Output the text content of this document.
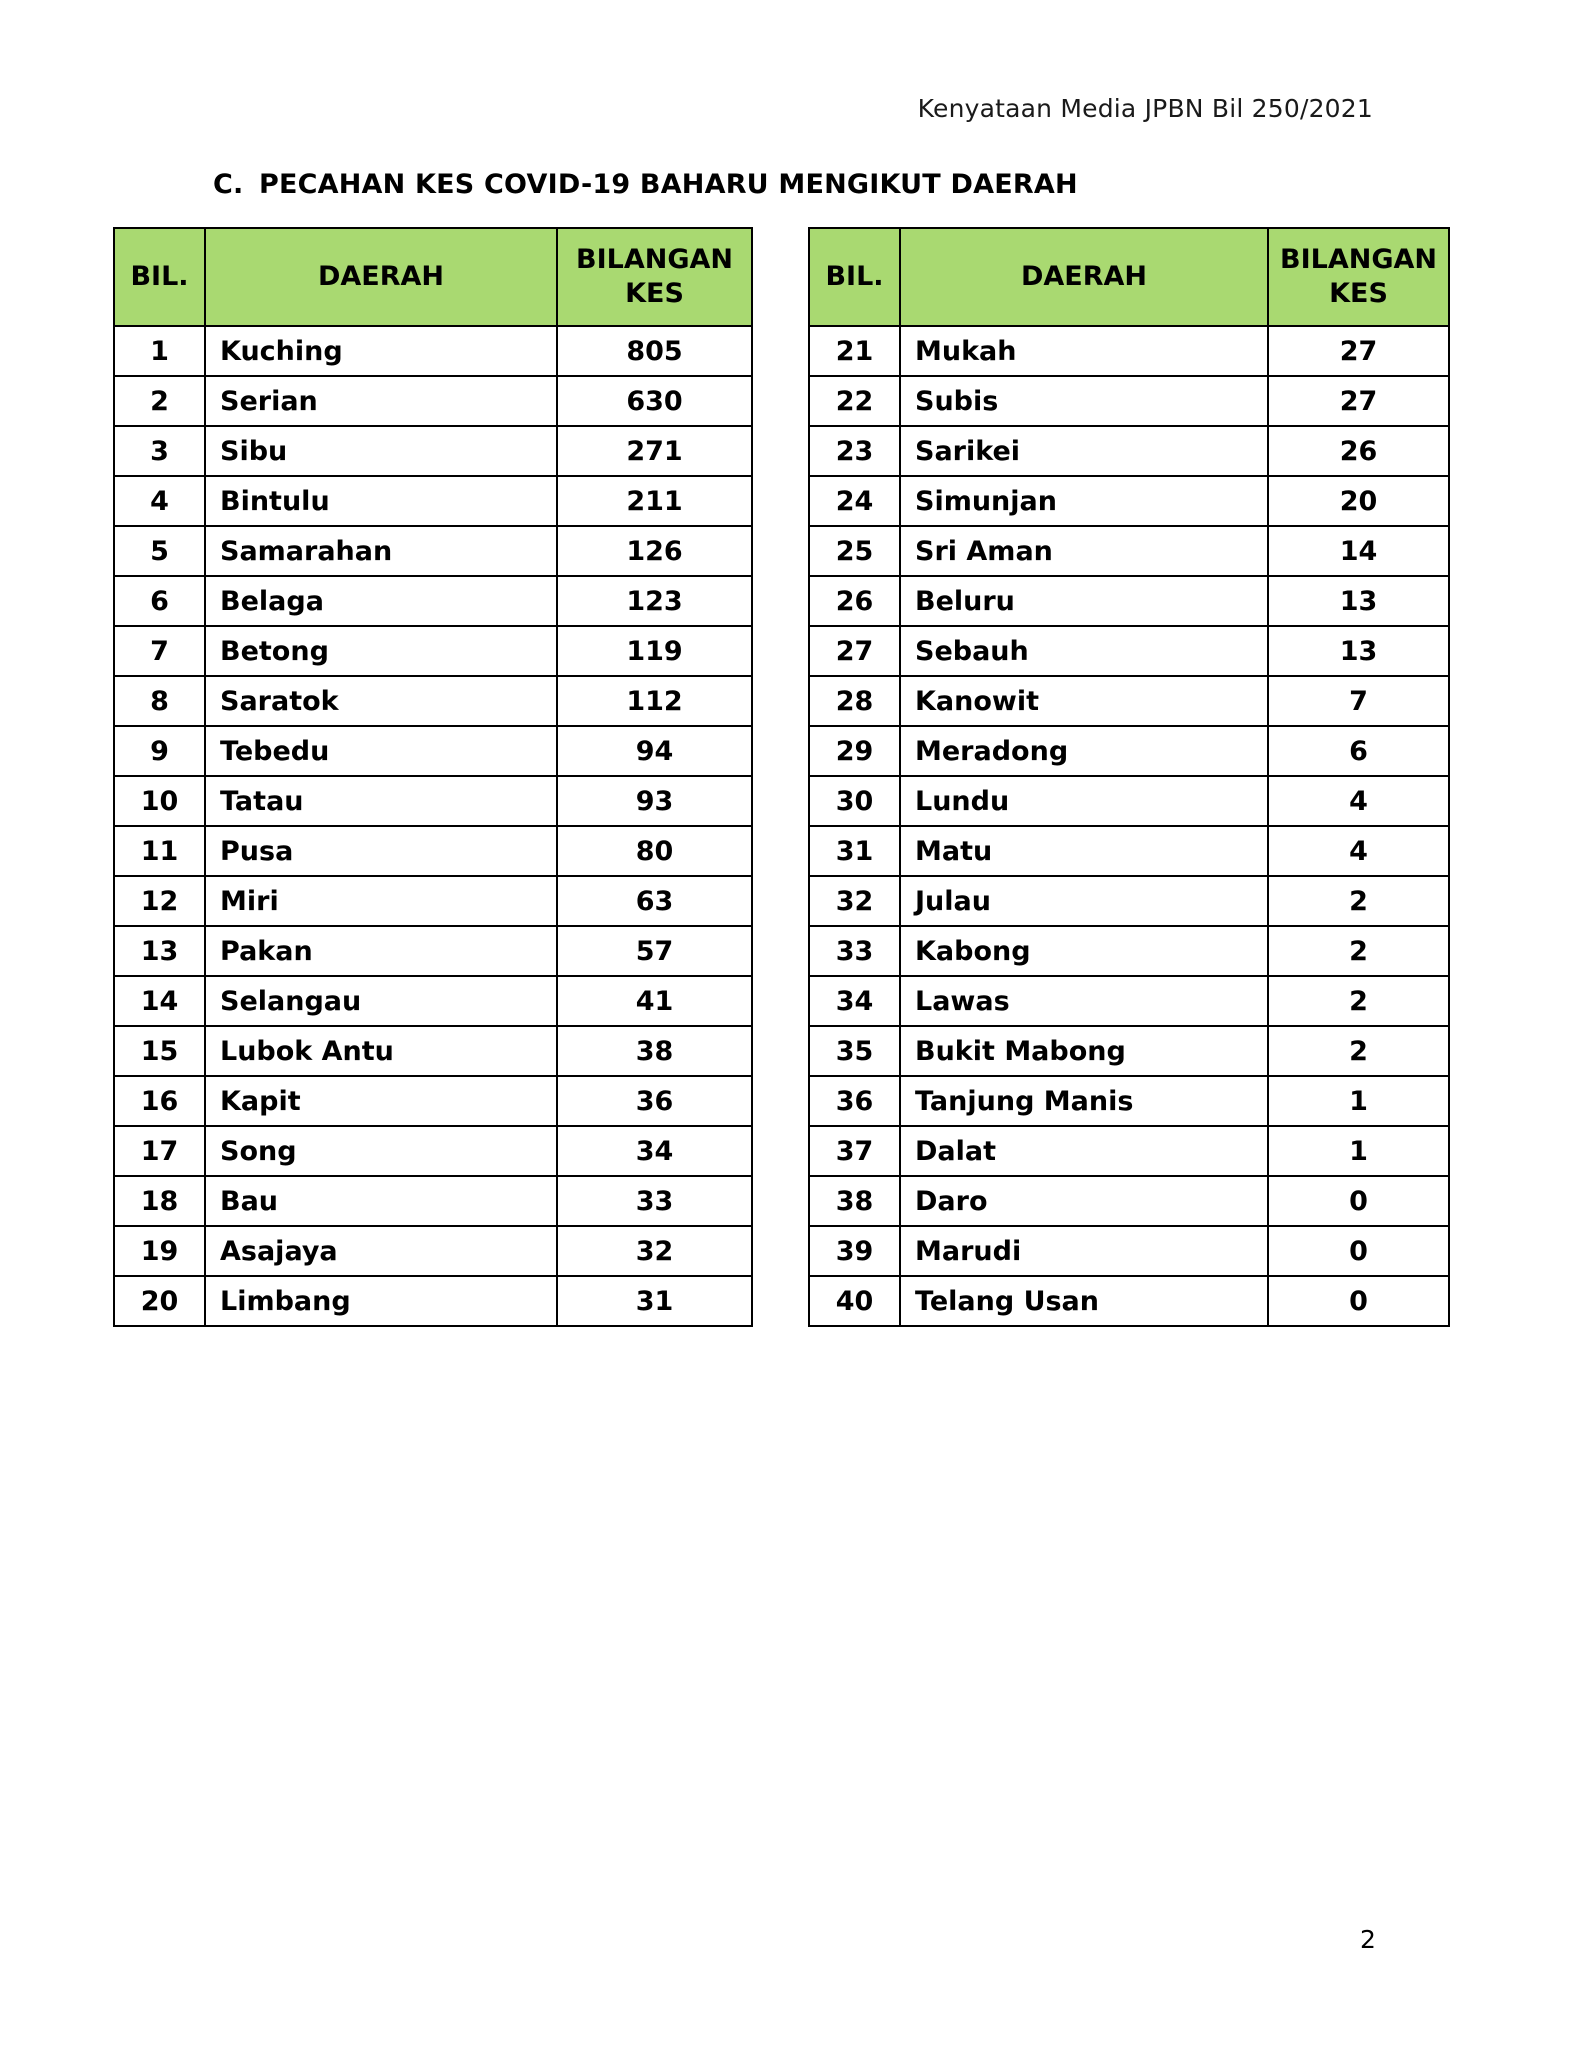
Kenyataan Media JPBN Bil 250/2021
C. PECAHAN KES COVID-19 BAHARU MENGIKUT DAERAH
BIL.	DAERAH	BILANGAN
KES
1	Kuching	805
2	Serian	630
3	Sibu	271
4	Bintulu	211
5	Samarahan	126
6	Belaga	123
7	Betong	119
8	Saratok	112
9	Tebedu	94
10	Tatau	93
11	Pusa	80
12	Miri	63
13	Pakan	57
14	Selangau	41
15	Lubok Antu	38
16	Kapit	36
17	Song	34
18	Bau	33
19	Asajaya	32
20	Limbang	31
BIL.	DAERAH	BILANGAN
KES
21	Mukah	27
22	Subis	27
23	Sarikei	26
24	Simunjan	20
25	Sri Aman	14
26	Beluru	13
27	Sebauh	13
28	Kanowit	7
29	Meradong	6
30	Lundu	4
31	Matu	4
32	Julau	2
33	Kabong	2
34	Lawas	2
35	Bukit Mabong	2
36	Tanjung Manis	1
37	Dalat	1
38	Daro	0
39	Marudi	0
40	Telang Usan	0
2
